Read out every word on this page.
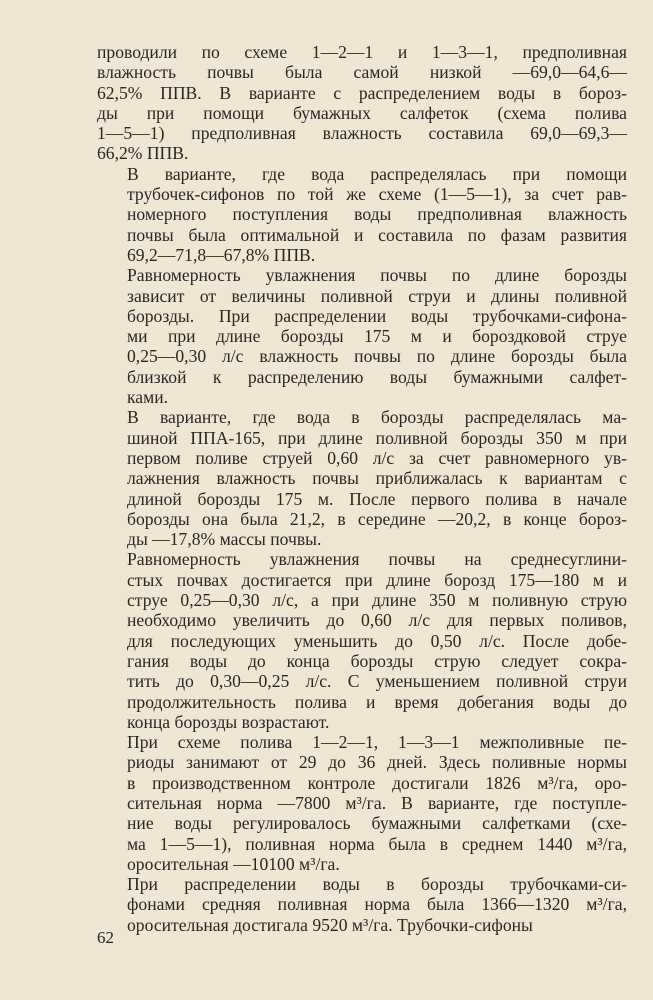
проводили по схеме 1—2—1 и 1—3—1, предполивная
влажность почвы была самой низкой —69,0—64,6—
62,5% ППВ. В варианте с распределением воды в бороз-
ды при помощи бумажных салфеток (схема полива
1—5—1) предполивная влажность составила 69,0—69,3—
66,2% ППВ.

В варианте, где вода распределялась при помощи
трубочек-сифонов по той же схеме (1—5—1), за счет рав-
номерного поступления воды предполивная влажность
почвы была оптимальной и составила по фазам развития
69,2—71,8—67,8% ППВ.

Равномерность увлажнения почвы по длине борозды
зависит от величины поливной струи и длины поливной
борозды. При распределении воды трубочками-сифона-
ми при длине борозды 175 м и бороздковой струе
0,25—0,30 л/с влажность почвы по длине борозды была
близкой к распределению воды бумажными салфет-
ками.

В варианте, где вода в борозды распределялась ма-
шиной ППА-165, при длине поливной борозды 350 м при
первом поливе струей 0,60 л/с за счет равномерного ув-
лажнения влажность почвы приближалась к вариантам с
длиной борозды 175 м. После первого полива в начале
борозды она была 21,2, в середине —20,2, в конце бороз-
ды —17,8% массы почвы.

Равномерность увлажнения почвы на среднесуглини-
стых почвах достигается при длине борозд 175—180 м и
струе 0,25—0,30 л/с, а при длине 350 м поливную струю
необходимо увеличить до 0,60 л/с для первых поливов,
для последующих уменьшить до 0,50 л/с. После добе-
гания воды до конца борозды струю следует сокра-
тить до 0,30—0,25 л/с. С уменьшением поливной струи
продолжительность полива и время добегания воды до
конца борозды возрастают.

При схеме полива 1—2—1, 1—3—1 межполивные пе-
риоды занимают от 29 до 36 дней. Здесь поливные нормы
в производственном контроле достигали 1826 м³/га, оро-
сительная норма —7800 м³/га. В варианте, где поступле-
ние воды регулировалось бумажными салфетками (схе-
ма 1—5—1), поливная норма была в среднем 1440 м³/га,
оросительная —10100 м³/га.

При распределении воды в борозды трубочками-си-
фонами средняя поливная норма была 1366—1320 м³/га,
оросительная достигала 9520 м³/га. Трубочки-сифоны

62
